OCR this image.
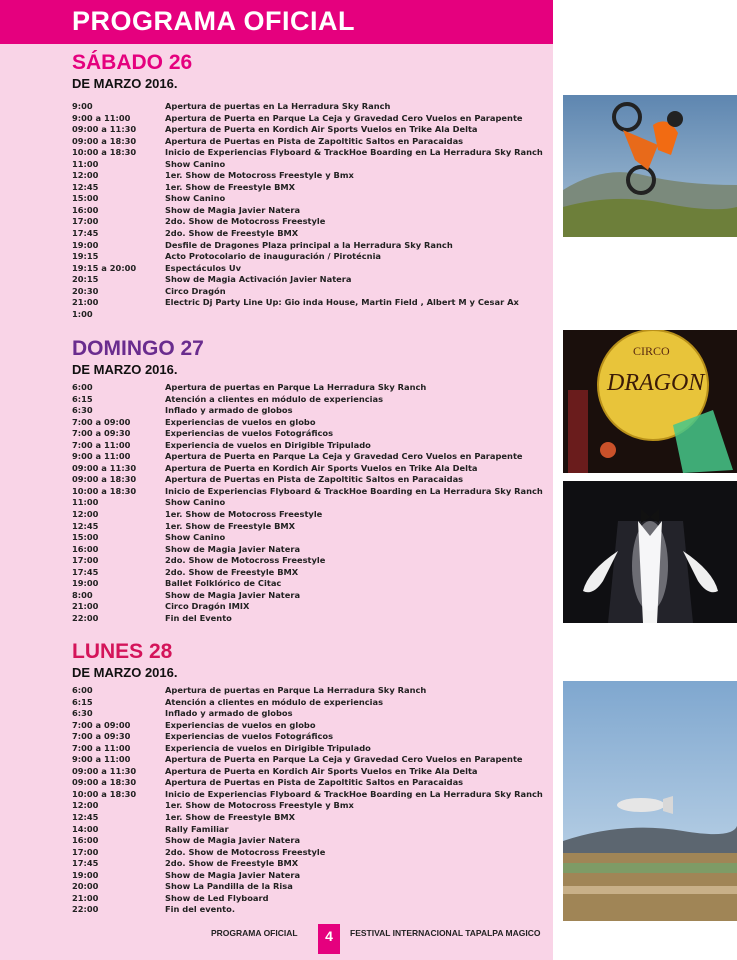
PROGRAMA OFICIAL

SÁBADO 26

DE MARZO 2016.

9:00	Apertura de puertas en La Herradura Sky Ranch
9:00 a 11:00	Apertura de Puerta en Parque La Ceja y Gravedad Cero Vuelos en Parapente
09:00 a 11:30	Apertura de Puerta en Kordich Air Sports Vuelos en Trike Ala Delta
09:00 a 18:30	Apertura de Puertas en Pista de Zapoltitic Saltos en Paracaidas
10:00 a 18:30	Inicio de Experiencias Flyboard & TrackHoe Boarding en La Herradura Sky Ranch
11:00	Show Canino
12:00	1er. Show de Motocross Freestyle y Bmx
12:45	1er. Show de Freestyle BMX
15:00	Show Canino
16:00	Show de Magia Javier Natera
17:00	2do. Show de Motocross Freestyle
17:45	2do. Show de Freestyle BMX
19:00	Desfile de Dragones Plaza principal a la Herradura Sky Ranch
19:15	Acto Protocolario de inauguración / Pirotécnia
19:15 a 20:00	Espectáculos Uv
20:15	Show de Magia Activación Javier Natera
20:30	Circo Dragón
21:00	Electric Dj Party Line Up: Gio inda House, Martin Field , Albert M y Cesar Ax
1:00

DOMINGO 27

DE MARZO 2016.

6:00	Apertura de puertas en Parque La Herradura Sky Ranch
6:15	Atención a clientes en módulo de experiencias
6:30	Inflado y armado de globos
7:00 a 09:00	Experiencias de vuelos en globo
7:00 a 09:30	Experiencias de vuelos Fotográficos
7:00 a 11:00	Experiencia de vuelos en Dirigible Tripulado
9:00 a 11:00	Apertura de Puerta en Parque La Ceja y Gravedad Cero Vuelos en Parapente
09:00 a 11:30	Apertura de Puerta en Kordich Air Sports Vuelos en Trike Ala Delta
09:00 a 18:30	Apertura de Puertas en Pista de Zapoltitic Saltos en Paracaidas
10:00 a 18:30	Inicio de Experiencias Flyboard & TrackHoe Boarding en La Herradura Sky Ranch
11:00	Show Canino
12:00	1er. Show de Motocross Freestyle
12:45	1er. Show de Freestyle BMX
15:00	Show Canino
16:00	Show de Magia Javier Natera
17:00	2do. Show de Motocross Freestyle
17:45	2do. Show de Freestyle BMX
19:00	Ballet Folklórico de Citac
8:00	Show de Magia Javier Natera
21:00	Circo Dragón IMIX
22:00	Fin del Evento

LUNES 28

DE MARZO 2016.

6:00	Apertura de puertas en Parque La Herradura Sky Ranch
6:15	Atención a clientes en módulo de experiencias
6:30	Inflado y armado de globos
7:00 a 09:00	Experiencias de vuelos en globo
7:00 a 09:30	Experiencias de vuelos Fotográficos
7:00 a 11:00	Experiencia de vuelos en Dirigible Tripulado
9:00 a 11:00	Apertura de Puerta en Parque La Ceja y Gravedad Cero Vuelos en Parapente
09:00 a 11:30	Apertura de Puerta en Kordich Air Sports Vuelos en Trike Ala Delta
09:00 a 18:30	Apertura de Puertas en Pista de Zapoltitic Saltos en Paracaidas
10:00 a 18:30	Inicio de Experiencias Flyboard & TrackHoe Boarding en La Herradura Sky Ranch
12:00	1er. Show de Motocross Freestyle y Bmx
12:45	1er. Show de Freestyle BMX
14:00	Rally Familiar
16:00	Show de Magia Javier Natera
17:00	2do. Show de Motocross Freestyle
17:45	2do. Show de Freestyle BMX
19:00	Show de Magia Javier Natera
20:00	Show La Pandilla de la Risa
21:00	Show de Led Flyboard
22:00	Fin del evento.
CIRCO
DRAGON
PROGRAMA OFICIAL	4	FESTIVAL INTERNACIONAL TAPALPA MAGICO
